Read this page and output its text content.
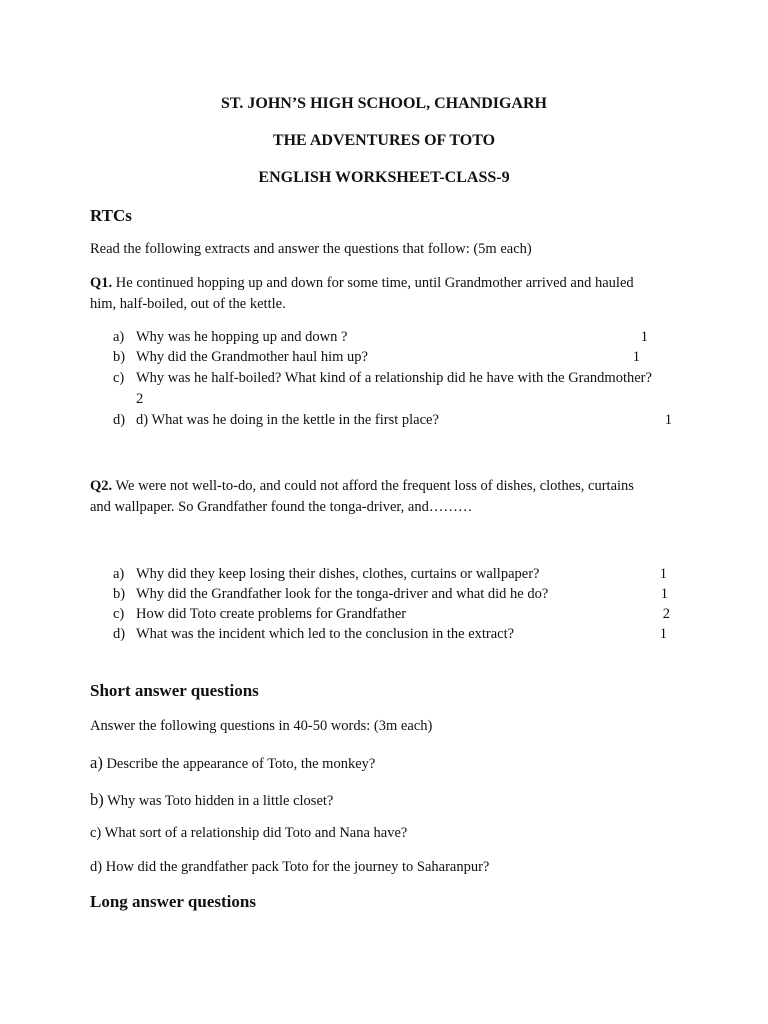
ST. JOHN’S HIGH SCHOOL, CHANDIGARH
THE ADVENTURES OF TOTO
ENGLISH WORKSHEET-CLASS-9
RTCs
Read the following extracts and answer the questions that follow: (5m each)
Q1. He continued hopping up and down for some time, until Grandmother arrived and hauled
him, half-boiled, out of the kettle.
a) Why was he hopping up and down ?	1
b) Why did the Grandmother haul him up?	1
c) Why was he half-boiled? What kind of a relationship did he have with the Grandmother?
2
d) d) What was he doing in the kettle in the first place?	1
Q2. We were not well-to-do, and could not afford the frequent loss of dishes, clothes, curtains
and wallpaper. So Grandfather found the tonga-driver, and………
a) Why did they keep losing their dishes, clothes, curtains or wallpaper?	1
b) Why did the Grandfather look for the tonga-driver and what did he do?	1
c) How did Toto create problems for Grandfather	2
d) What was the incident which led to the conclusion in the extract?	1
Short answer questions
Answer the following questions in 40-50 words: (3m each)
a) Describe the appearance of Toto, the monkey?
b) Why was Toto hidden in a little closet?
c) What sort of a relationship did Toto and Nana have?
d) How did the grandfather pack Toto for the journey to Saharanpur?
Long answer questions
